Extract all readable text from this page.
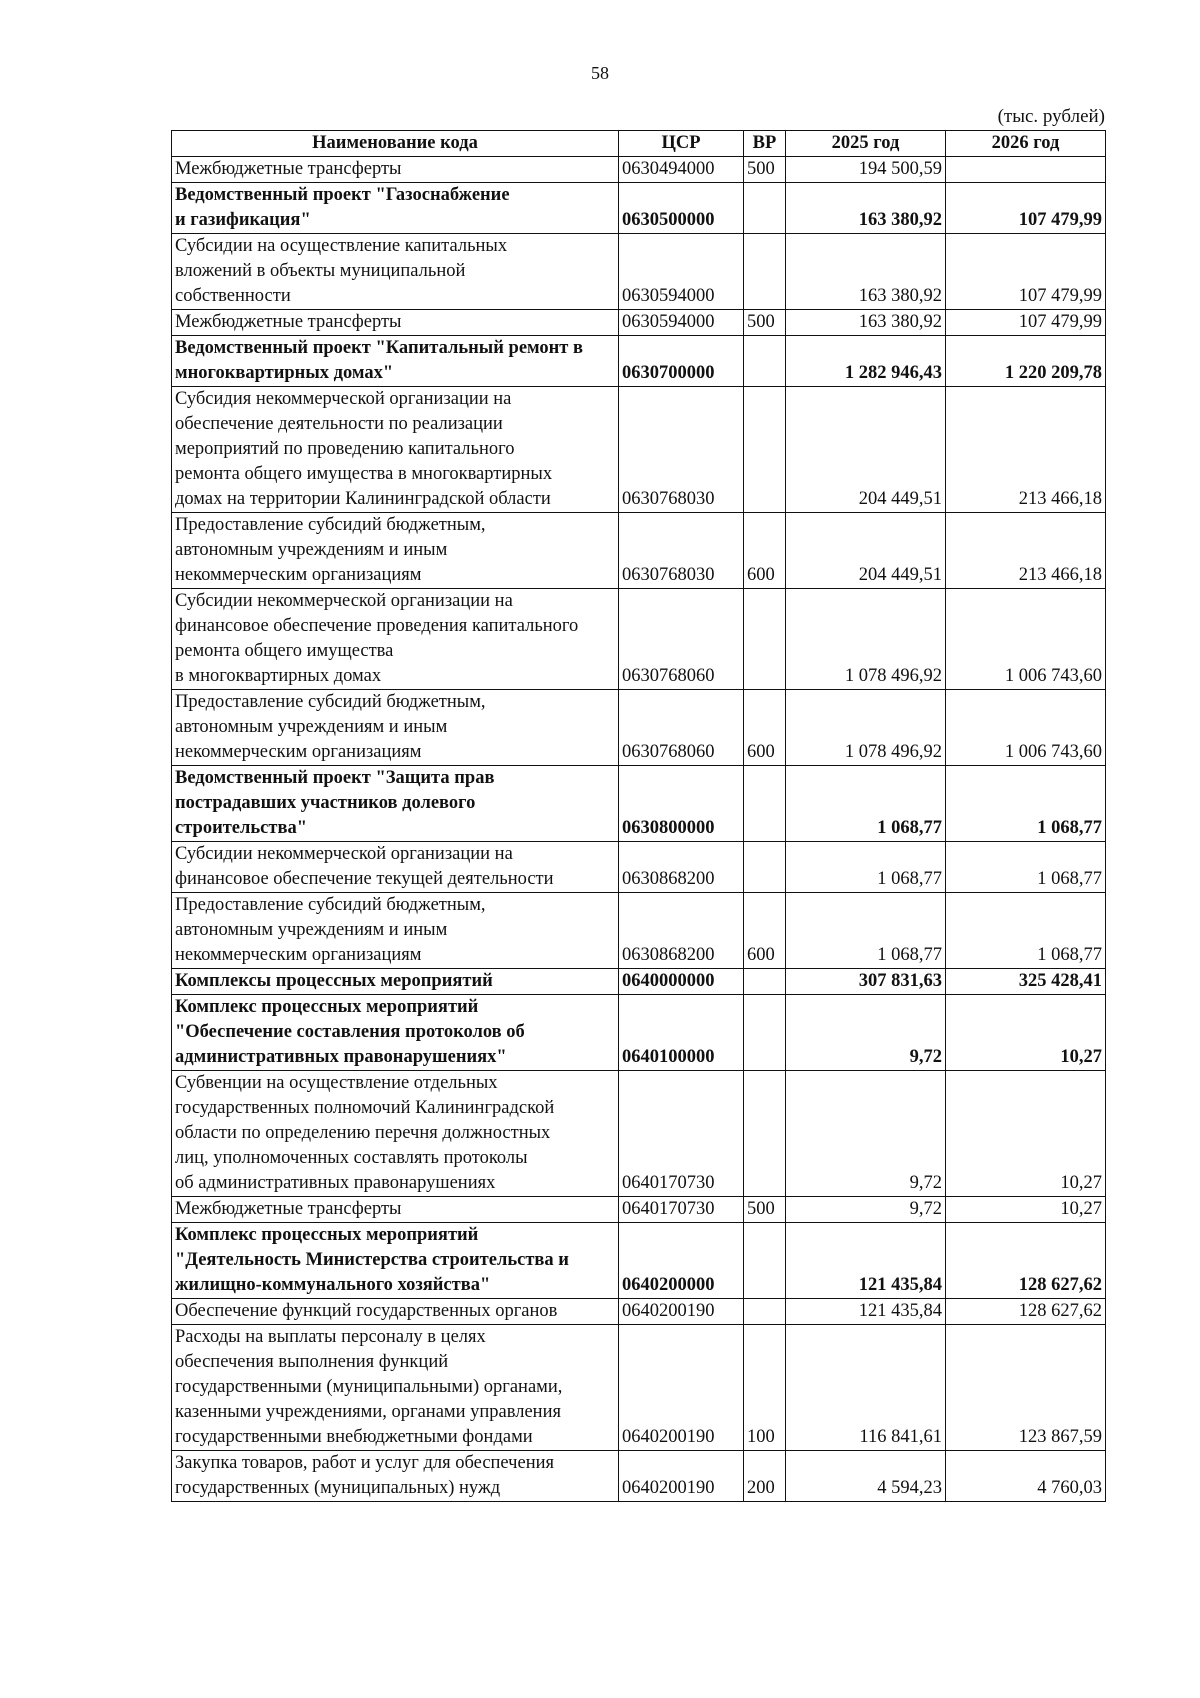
58
(тыс. рублей)
Наименование кода	ЦСР	ВР	2025 год	2026 год

Межбюджетные трансферты	0630494000	500	194 500,59	

Ведомственный проект "Газоснабжение
и газификация"	0630500000		163 380,92	107 479,99

Субсидии на осуществление капитальных
вложений в объекты муниципальной
собственности	0630594000		163 380,92	107 479,99

Межбюджетные трансферты	0630594000	500	163 380,92	107 479,99

Ведомственный проект "Капитальный ремонт в
многоквартирных домах"	0630700000		1 282 946,43	1 220 209,78

Субсидия некоммерческой организации на
обеспечение деятельности по реализации
мероприятий по проведению капитального
ремонта общего имущества в многоквартирных
домах на территории Калининградской области	0630768030		204 449,51	213 466,18

Предоставление субсидий бюджетным,
автономным учреждениям и иным
некоммерческим организациям	0630768030	600	204 449,51	213 466,18

Субсидии некоммерческой организации на
финансовое обеспечение проведения капитального
ремонта общего имущества
в многоквартирных домах	0630768060		1 078 496,92	1 006 743,60

Предоставление субсидий бюджетным,
автономным учреждениям и иным
некоммерческим организациям	0630768060	600	1 078 496,92	1 006 743,60

Ведомственный проект "Защита прав
пострадавших участников долевого
строительства"	0630800000		1 068,77	1 068,77

Субсидии некоммерческой организации на
финансовое обеспечение текущей деятельности	0630868200		1 068,77	1 068,77

Предоставление субсидий бюджетным,
автономным учреждениям и иным
некоммерческим организациям	0630868200	600	1 068,77	1 068,77

Комплексы процессных мероприятий	0640000000		307 831,63	325 428,41

Комплекс процессных мероприятий
"Обеспечение составления протоколов об
административных правонарушениях"	0640100000		9,72	10,27

Субвенции на осуществление отдельных
государственных полномочий Калининградской
области по определению перечня должностных
лиц, уполномоченных составлять протоколы
об административных правонарушениях	0640170730		9,72	10,27

Межбюджетные трансферты	0640170730	500	9,72	10,27

Комплекс процессных мероприятий
"Деятельность Министерства строительства и
жилищно-коммунального хозяйства"	0640200000		121 435,84	128 627,62

Обеспечение функций государственных органов	0640200190		121 435,84	128 627,62

Расходы на выплаты персоналу в целях
обеспечения выполнения функций
государственными (муниципальными) органами,
казенными учреждениями, органами управления
государственными внебюджетными фондами	0640200190	100	116 841,61	123 867,59

Закупка товаров, работ и услуг для обеспечения
государственных (муниципальных) нужд	0640200190	200	4 594,23	4 760,03
